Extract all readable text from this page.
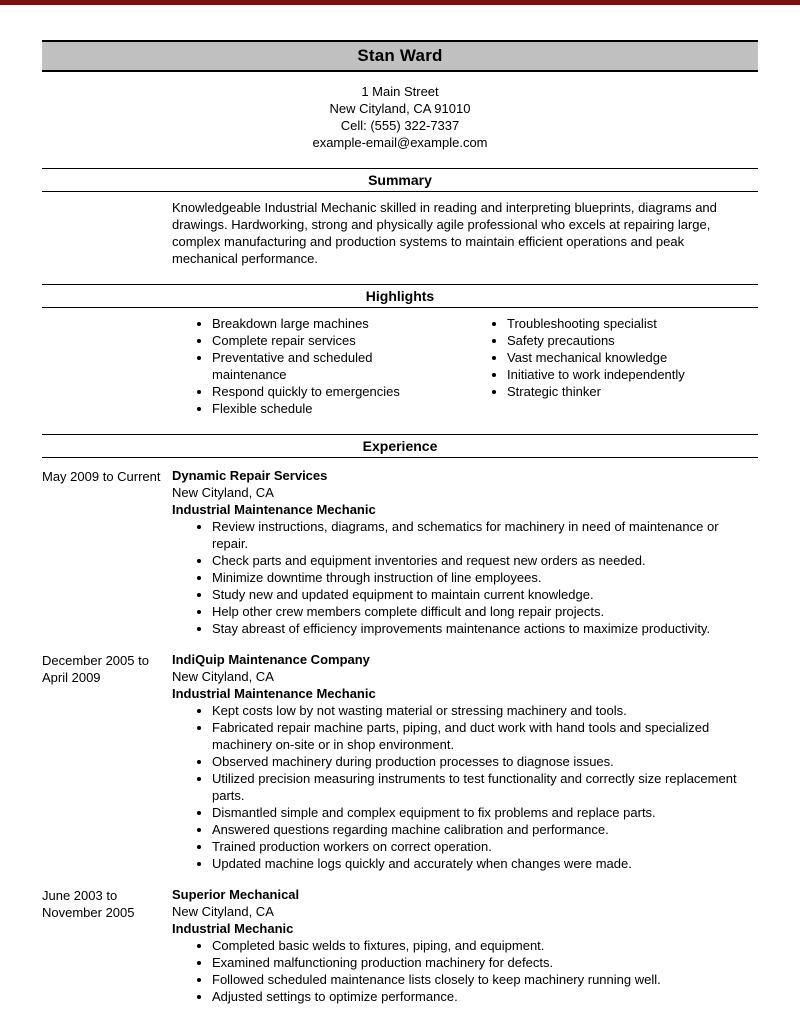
Stan Ward
1 Main Street
New Cityland, CA 91010
Cell: (555) 322-7337
example-email@example.com
Summary

Knowledgeable Industrial Mechanic skilled in reading and interpreting blueprints, diagrams and drawings. Hardworking, strong and physically agile professional who excels at repairing large, complex manufacturing and production systems to maintain efficient operations and peak mechanical performance.

Highlights
• Breakdown large machines
• Complete repair services
• Preventative and scheduled maintenance
• Respond quickly to emergencies
• Flexible schedule
• Troubleshooting specialist
• Safety precautions
• Vast mechanical knowledge
• Initiative to work independently
• Strategic thinker
Experience
May 2009 to Current Dynamic Repair Services
New Cityland, CA
Industrial Maintenance Mechanic
• Review instructions, diagrams, and schematics for machinery in need of maintenance or repair.
• Check parts and equipment inventories and request new orders as needed.
• Minimize downtime through instruction of line employees.
• Study new and updated equipment to maintain current knowledge.
• Help other crew members complete difficult and long repair projects.
• Stay abreast of efficiency improvements maintenance actions to maximize productivity.
December 2005 to April 2009
IndiQuip Maintenance Company
New Cityland, CA
Industrial Maintenance Mechanic
• Kept costs low by not wasting material or stressing machinery and tools.
• Fabricated repair machine parts, piping, and duct work with hand tools and specialized machinery on-site or in shop environment.
• Observed machinery during production processes to diagnose issues.
• Utilized precision measuring instruments to test functionality and correctly size replacement parts.
• Dismantled simple and complex equipment to fix problems and replace parts.
• Answered questions regarding machine calibration and performance.
• Trained production workers on correct operation.
• Updated machine logs quickly and accurately when changes were made.
June 2003 to November 2005
Superior Mechanical
New Cityland, CA
Industrial Mechanic
• Completed basic welds to fixtures, piping, and equipment.
• Examined malfunctioning production machinery for defects.
• Followed scheduled maintenance lists closely to keep machinery running well.
• Adjusted settings to optimize performance.
